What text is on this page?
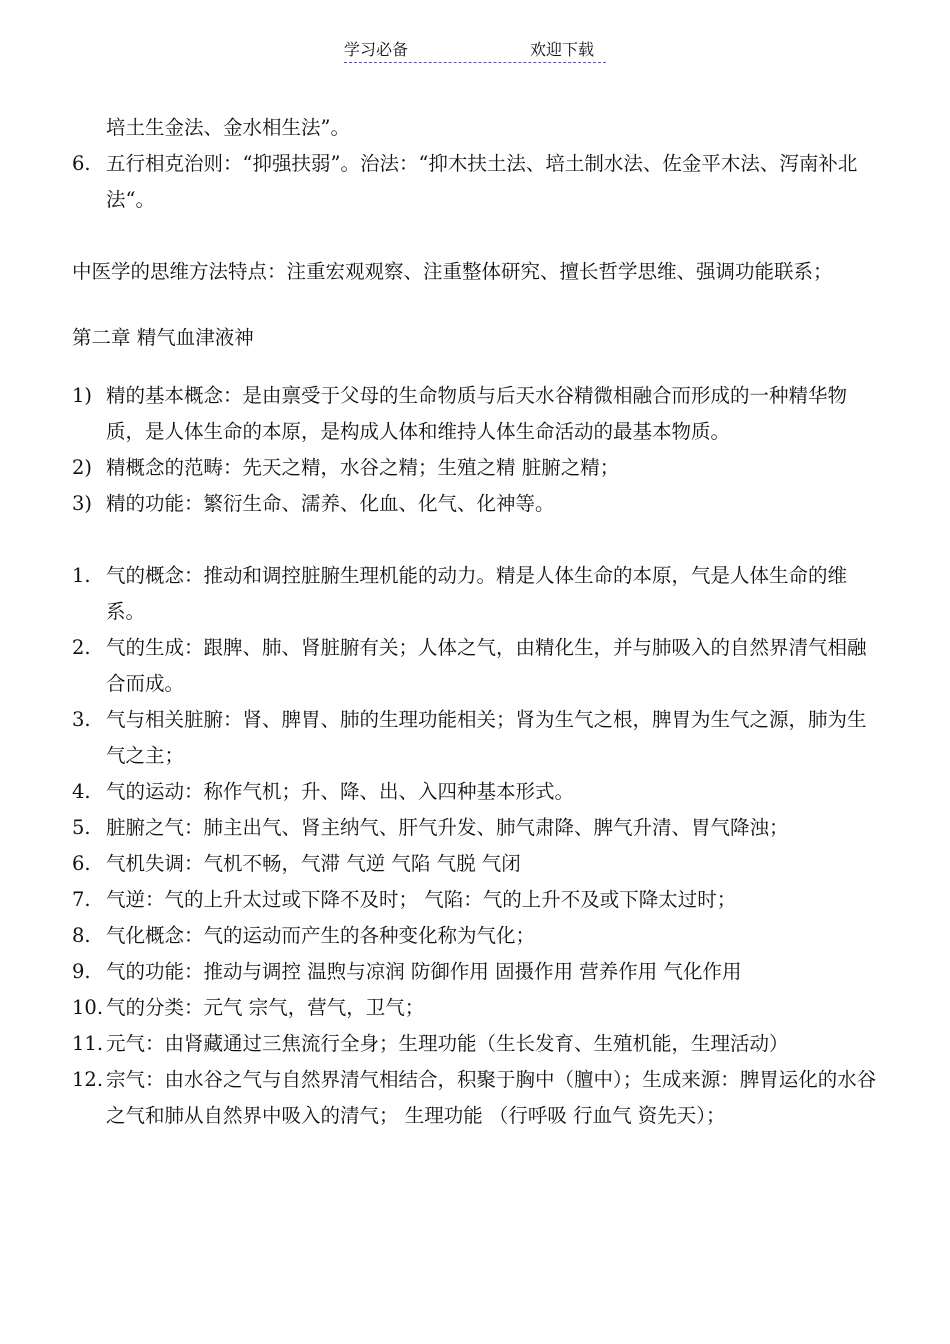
学习必备	欢迎下载
培土生金法、金水相生法”。
6. 五行相克治则：“抑强扶弱”。治法：“抑木扶土法、培土制水法、佐金平木法、泻南补北法“。

中医学的思维方法特点：注重宏观观察、注重整体研究、擅长哲学思维、强调功能联系；

第二章 精气血津液神
1) 精的基本概念：是由禀受于父母的生命物质与后天水谷精微相融合而形成的一种精华物质，是人体生命的本原，是构成人体和维持人体生命活动的最基本物质。
2) 精概念的范畴：先天之精，水谷之精；生殖之精 脏腑之精；
3) 精的功能：繁衍生命、濡养、化血、化气、化神等。
1. 气的概念：推动和调控脏腑生理机能的动力。精是人体生命的本原，气是人体生命的维系。
2. 气的生成：跟脾、肺、肾脏腑有关；人体之气，由精化生，并与肺吸入的自然界清气相融合而成。
3. 气与相关脏腑：肾、脾胃、肺的生理功能相关；肾为生气之根，脾胃为生气之源，肺为生气之主；
4. 气的运动：称作气机；升、降、出、入四种基本形式。
5. 脏腑之气：肺主出气、肾主纳气、肝气升发、肺气肃降、脾气升清、胃气降浊；
6. 气机失调：气机不畅，气滞 气逆 气陷 气脱 气闭
7. 气逆：气的上升太过或下降不及时； 气陷：气的上升不及或下降太过时；
8. 气化概念：气的运动而产生的各种变化称为气化；
9. 气的功能：推动与调控 温煦与凉润 防御作用 固摄作用 营养作用 气化作用
10. 气的分类：元气 宗气，营气，卫气；
11. 元气：由肾藏通过三焦流行全身；生理功能（生长发育、生殖机能，生理活动）
12. 宗气：由水谷之气与自然界清气相结合，积聚于胸中（膻中）；生成来源：脾胃运化的水谷之气和肺从自然界中吸入的清气； 生理功能 （行呼吸 行血气 资先天）；
